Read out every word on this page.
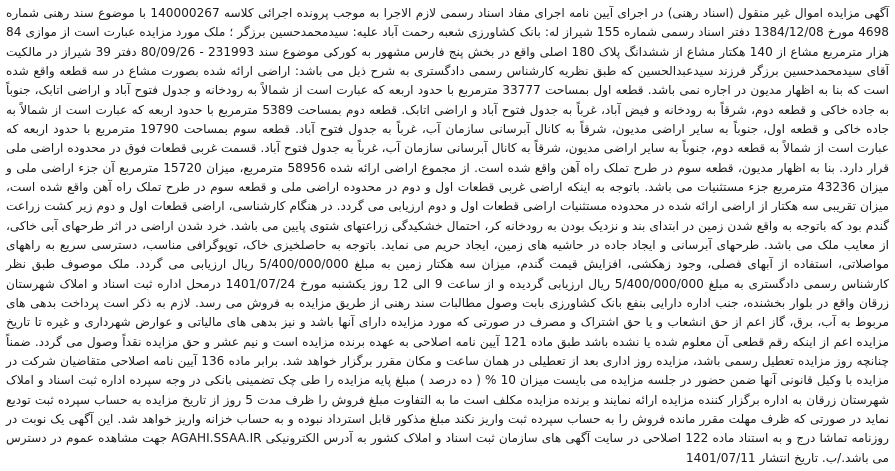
آگهی مزایده اموال غیر منقول (اسناد رهنی) در اجرای آیین نامه اجرای مفاد اسناد رسمی لازم الاجرا به موجب پرونده اجرائی کلاسه 140000267 با موضوع سند رهنی شماره 4698 مورخ 1384/12/08 دفتر اسناد رسمی شماره 155 شیراز له: بانک کشاورزی شعبه رحمت آباد علیه: سیدمحمدحسین برزگر ؛ ملک مورد مزایده عبارت است از موازی 84 هزار مترمربع مشاع از 140 هکتار مشاع از ششدانگ پلاک 180 اصلی واقع در بخش پنج فارس مشهور به کورکی موضوع سند 231993 - 80/09/26 دفتر 39 شیراز در مالکیت آقای سیدمحمدحسین برزگر فرزند سیدعبدالحسین که طبق نظریه کارشناس رسمی دادگستری به شرح ذیل می باشد: اراضی ارائه شده بصورت مشاع در سه قطعه واقع شده است که بنا به اظهار مدیون در اجاره نمی باشد. قطعه اول بمساحت 33777 مترمربع با حدود اربعه که عبارت است از شمالاً به رودخانه و جدول فتوح آباد و اراضی اتابک، جنوباً به جاده خاکی و قطعه دوم، شرقاً به رودخانه و فیض آباد، غرباً به جدول فتوح آباد و اراضی اتابک. قطعه دوم بمساحت 5389 مترمربع با حدود اربعه که عبارت است از شمالاً به جاده خاکی و قطعه اول، جنوباً به سایر اراضی مدیون، شرقاً به کانال آبرسانی سازمان آب، غرباً به جدول فتوح آباد. قطعه سوم بمساحت 19790 مترمربع با حدود اربعه که عبارت است از شمالاً به قطعه دوم، جنوباً به سایر اراضی مدیون، شرقاً به کانال آبرسانی سازمان آب، غرباً به جدول فتوح آباد. قسمت غربی قطعات فوق در محدوده اراضی ملی قرار دارد. بنا به اظهار مدیون، قطعه سوم در طرح تملک راه آهن واقع شده است. از مجموع اراضی ارائه شده 58956 مترمربع، میزان 15720 مترمربع آن جزء اراضی ملی و میزان 43236 مترمربع جزء مستثنیات می باشد. باتوجه به اینکه اراضی غربی قطعات اول و دوم در محدوده اراضی ملی و قطعه سوم در طرح تملک راه آهن واقع شده است، میزان تقریبی سه هکتار از اراضی ارائه شده در محدوده مستثنیات اراضی قطعات اول و دوم ارزیابی می گردد. در هنگام کارشناسی، اراضی قطعات اول و دوم زیر کشت زراعت گندم بود که باتوجه به واقع شدن زمین در ابتدای بند و نزدیک بودن به رودخانه کر، احتمال خشکیدگی زراعتهای شتوی پایین می باشد. خرد شدن اراضی در اثر طرحهای آبی خاکی، از معایب ملک می باشد. طرحهای آبرسانی و ایجاد جاده در حاشیه های زمین، ایجاد حریم می نماید. باتوجه به حاصلخیزی خاک، توپوگرافی مناسب، دسترسی سریع به راههای مواصلاتی، استفاده از آبهای فصلی، وجود زهکشی، افزایش قیمت گندم، میزان سه هکتار زمین به مبلغ 5/400/000/000 ریال ارزیابی می گردد. ملک موصوف طبق نظر کارشناس رسمی دادگستری به مبلغ 5/400/000/000 ریال ارزیابی گردیده و از ساعت 9 الی 12 روز یکشنبه مورخ 1401/07/24 درمحل اداره ثبت اسناد و املاک شهرستان زرقان واقع در بلوار بخشنده، جنب اداره دارایی بنفع بانک کشاورزی بابت وصول مطالبات سند رهنی از طریق مزایده به فروش می رسد. لازم به ذکر است پرداخت بدهی های مربوط به آب، برق، گاز اعم از حق انشعاب و یا حق اشتراک و مصرف در صورتی که مورد مزایده دارای آنها باشد و نیز بدهی های مالیاتی و عوارض شهرداری و غیره تا تاریخ مزایده اعم از اینکه رقم قطعی آن معلوم شده یا نشده باشد طبق ماده 121 آیین نامه اصلاحی به عهده برنده مزایده است و نیم عشر و حق مزایده نقداً وصول می گردد. ضمناً چنانچه روز مزایده تعطیل رسمی باشد، مزایده روز اداری بعد از تعطیلی در همان ساعت و مکان مقرر برگزار خواهد شد. برابر ماده 136 آیین نامه اصلاحی متقاضیان شرکت در مزایده با وکیل قانونی آنها ضمن حضور در جلسه مزایده می بایست میزان 10 % ( ده درصد ) مبلغ پایه مزایده را طی چک تضمینی بانکی در وجه سپرده اداره ثبت اسناد و املاک شهرستان زرقان به اداره برگزار کننده مزایده ارائه نمایند و برنده مزایده مکلف است ما به التفاوت مبلغ فروش را ظرف مدت 5 روز از تاریخ مزایده به حساب سپرده ثبت تودیع نماید در صورتی که ظرف مهلت مقرر مانده فروش را به حساب سپرده ثبت واریز نکند مبلغ مذکور قابل استرداد نبوده و به حساب خزانه واریز خواهد شد. این آگهی یک نوبت در روزنامه تماشا درج و به استناد ماده 122 اصلاحی در سایت آگهی های سازمان ثبت اسناد و املاک کشور به آدرس الکترونیکی AGAHI.SSAA.IR جهت مشاهده عموم در دسترس می باشد./ب. تاریخ انتشار 1401/07/11
